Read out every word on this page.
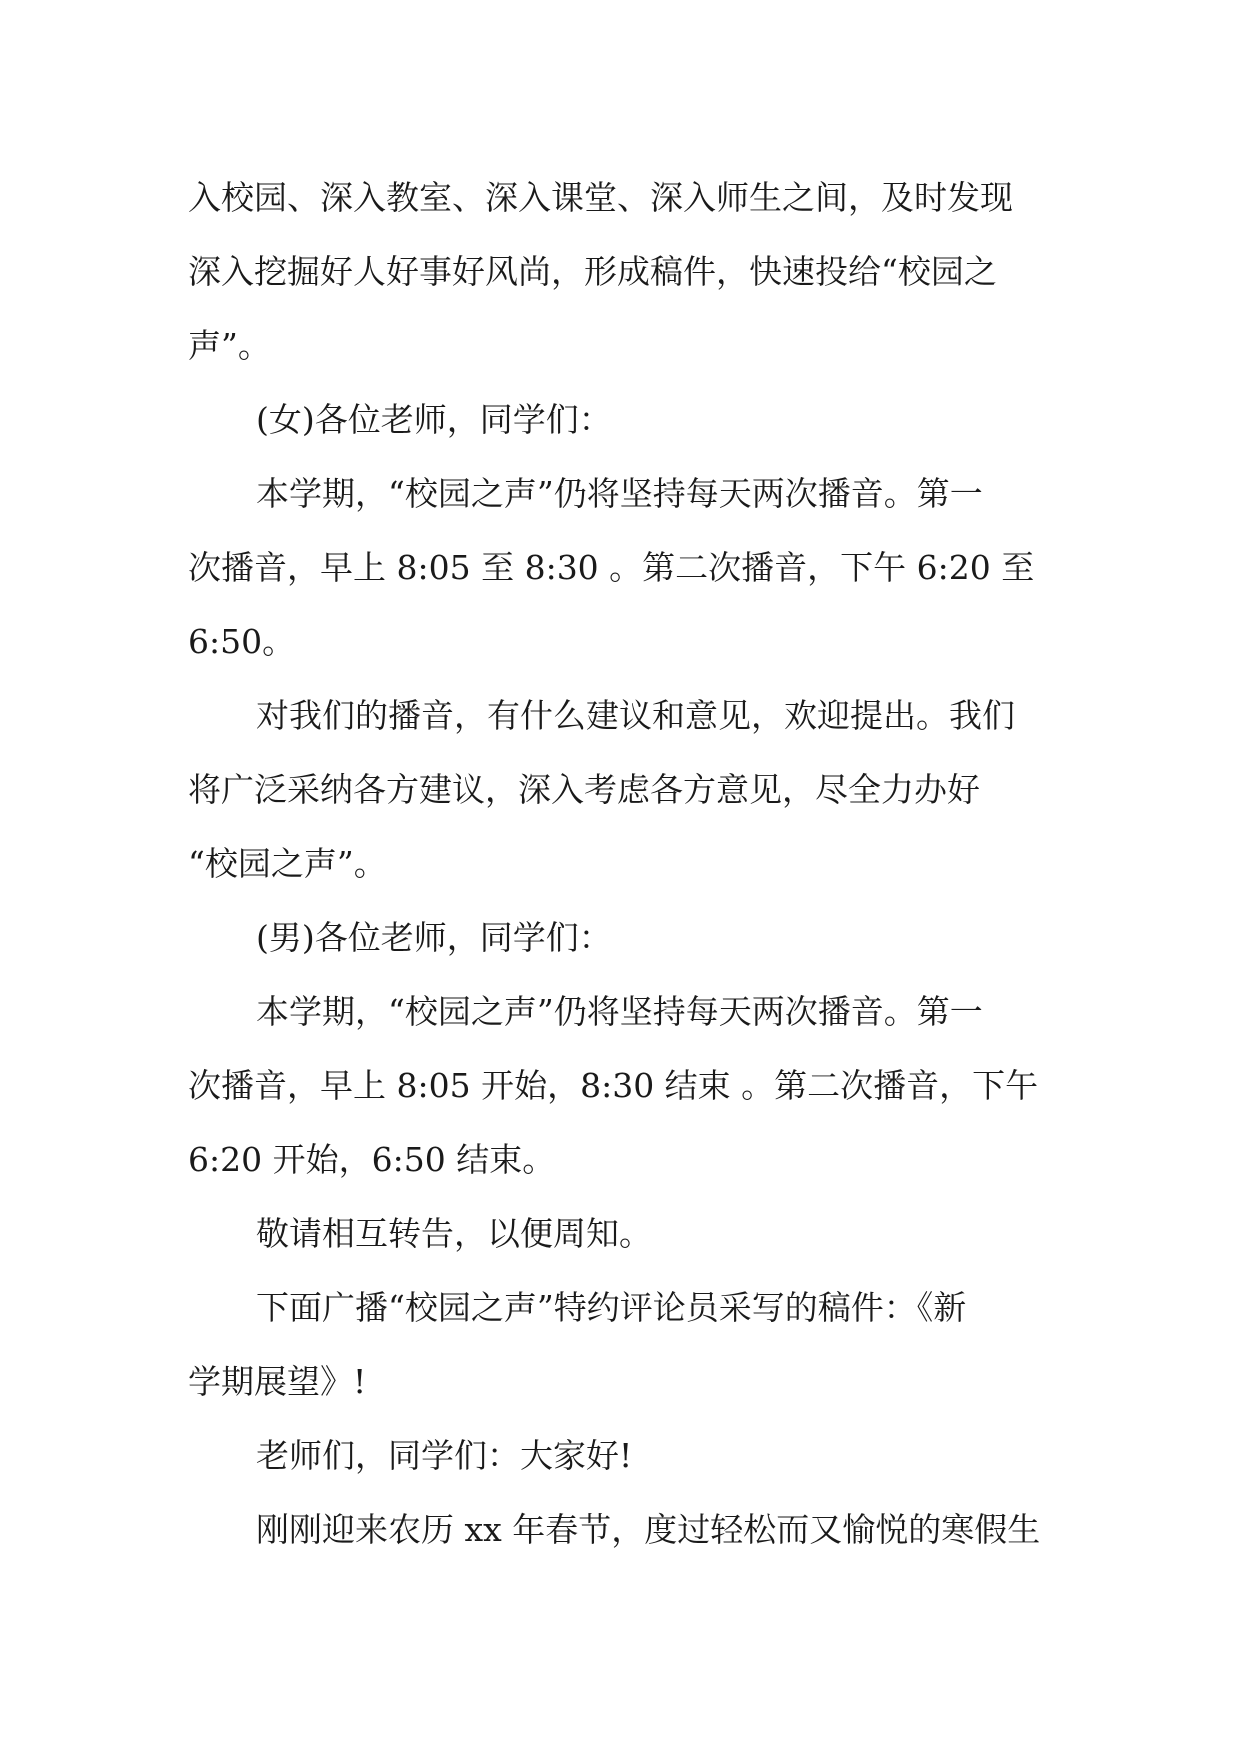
入校园、深入教室、深入课堂、深入师生之间，及时发现
深入挖掘好人好事好风尚，形成稿件，快速投给“校园之
声”。
(女)各位老师，同学们：
本学期，“校园之声”仍将坚持每天两次播音。第一
次播音，早上 8:05 至 8:30 。第二次播音，下午 6:20 至
6:50。
对我们的播音，有什么建议和意见，欢迎提出。我们
将广泛采纳各方建议，深入考虑各方意见，尽全力办好
“校园之声”。
(男)各位老师，同学们：
本学期，“校园之声”仍将坚持每天两次播音。第一
次播音，早上 8:05 开始，8:30 结束 。第二次播音，下午
6:20 开始，6:50 结束。
敬请相互转告，以便周知。
下面广播“校园之声”特约评论员采写的稿件：《新
学期展望》!
老师们，同学们：大家好!
刚刚迎来农历 xx 年春节，度过轻松而又愉悦的寒假生
